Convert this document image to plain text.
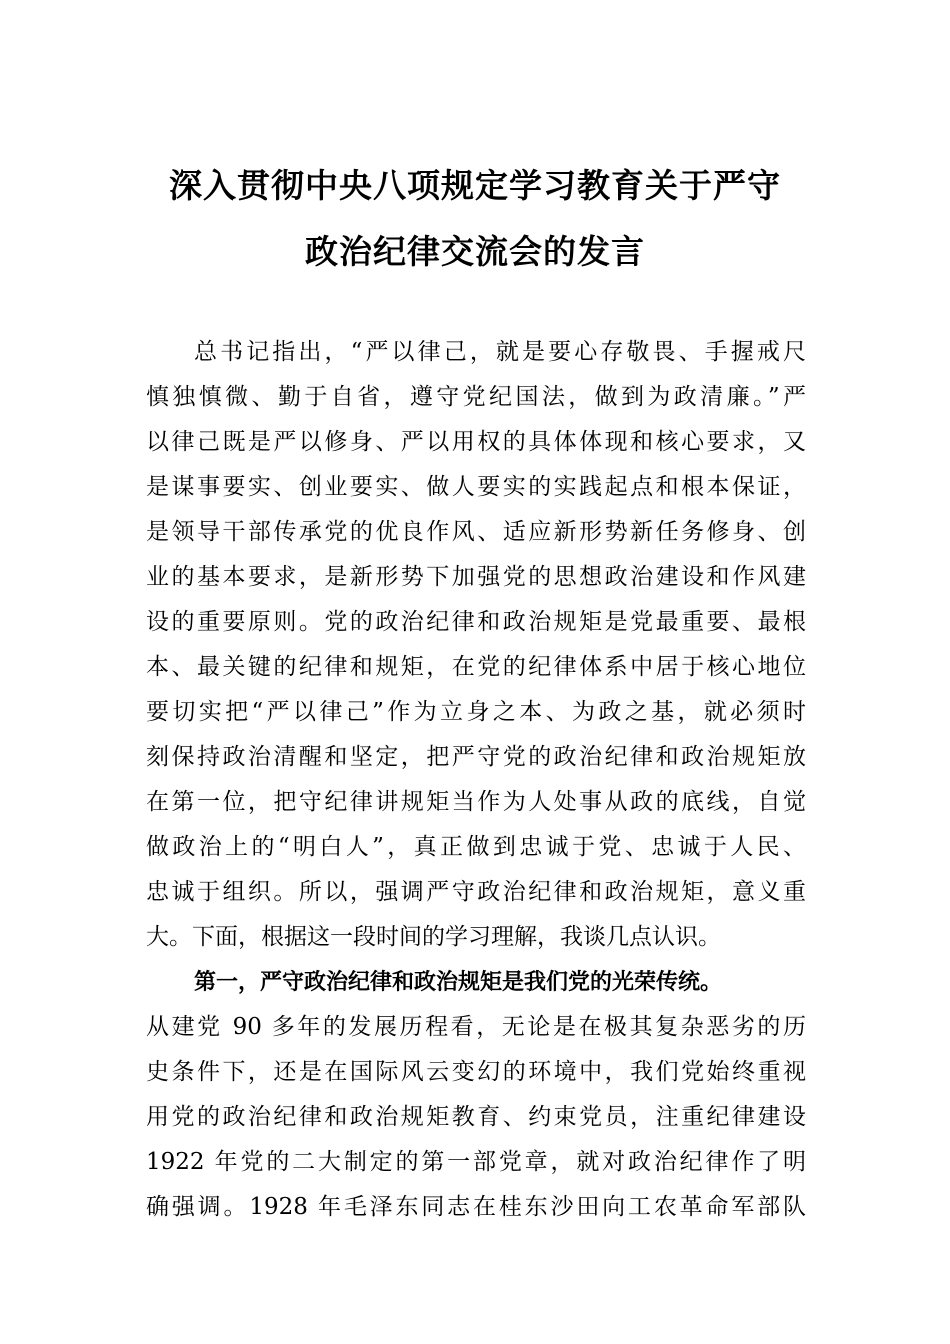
深入贯彻中央八项规定学习教育关于严守
政治纪律交流会的发言
总书记指出，“严以律己，就是要心存敬畏、手握戒尺
慎独慎微、勤于自省，遵守党纪国法，做到为政清廉。”严
以律己既是严以修身、严以用权的具体体现和核心要求，又
是谋事要实、创业要实、做人要实的实践起点和根本保证，
是领导干部传承党的优良作风、适应新形势新任务修身、创
业的基本要求，是新形势下加强党的思想政治建设和作风建
设的重要原则。党的政治纪律和政治规矩是党最重要、最根
本、最关键的纪律和规矩，在党的纪律体系中居于核心地位
要切实把“严以律己”作为立身之本、为政之基，就必须时
刻保持政治清醒和坚定，把严守党的政治纪律和政治规矩放
在第一位，把守纪律讲规矩当作为人处事从政的底线，自觉
做政治上的“明白人”，真正做到忠诚于党、忠诚于人民、
忠诚于组织。所以，强调严守政治纪律和政治规矩，意义重
大。下面，根据这一段时间的学习理解，我谈几点认识。
第一，严守政治纪律和政治规矩是我们党的光荣传统。
从建党 90 多年的发展历程看，无论是在极其复杂恶劣的历
史条件下，还是在国际风云变幻的环境中，我们党始终重视
用党的政治纪律和政治规矩教育、约束党员，注重纪律建设
1922 年党的二大制定的第一部党章，就对政治纪律作了明
确强调。1928 年毛泽东同志在桂东沙田向工农革命军部队
